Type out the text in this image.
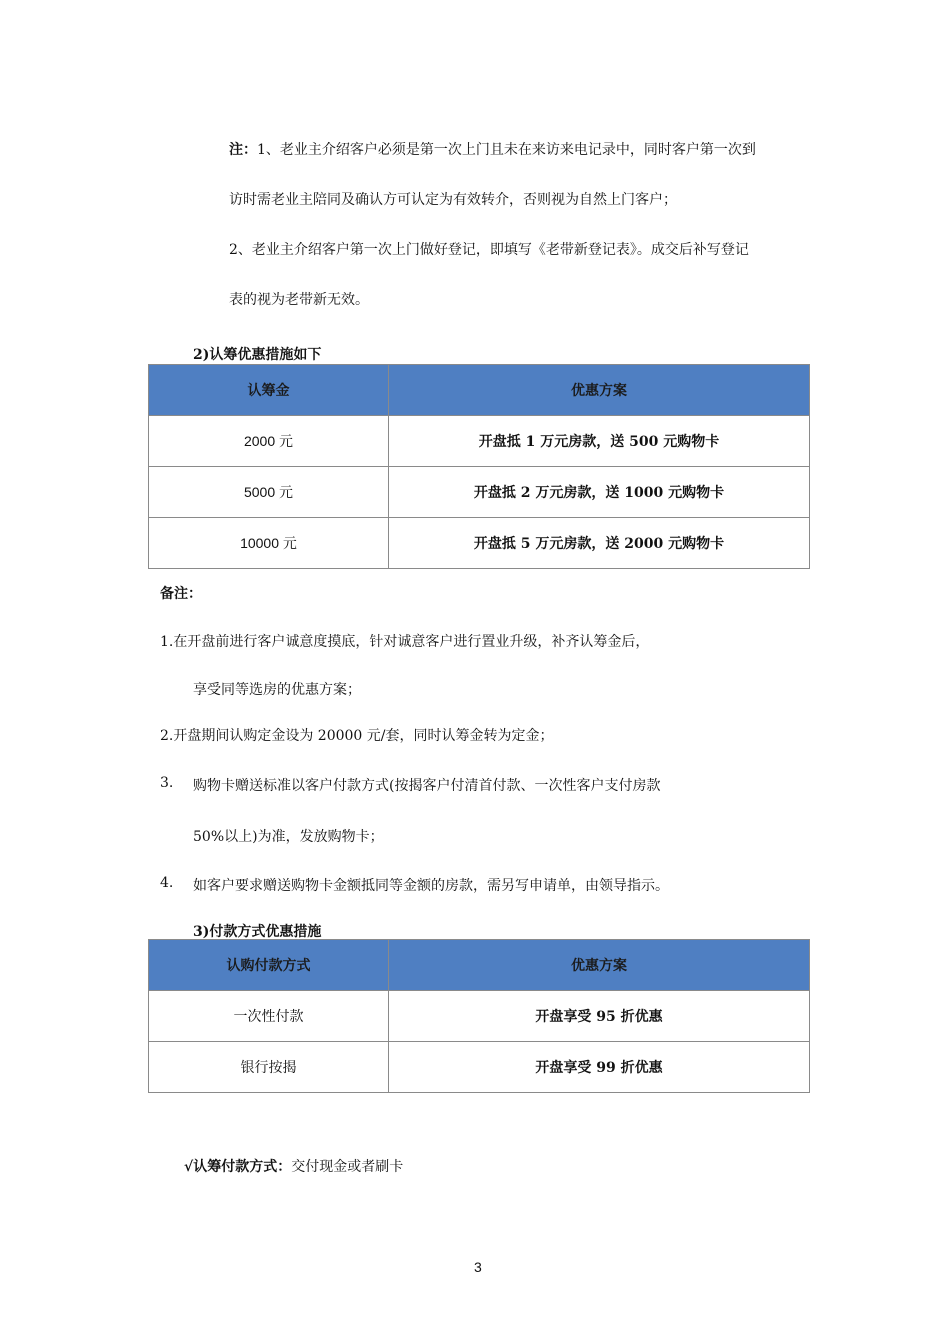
注：1、老业主介绍客户必须是第一次上门且未在来访来电记录中，同时客户第一次到
访时需老业主陪同及确认方可认定为有效转介，否则视为自然上门客户；
2、老业主介绍客户第一次上门做好登记，即填写《老带新登记表》。成交后补写登记
表的视为老带新无效。
2)认筹优惠措施如下
认筹金	优惠方案
2000 元	开盘抵 1 万元房款，送 500 元购物卡
5000 元	开盘抵 2 万元房款，送 1000 元购物卡
10000 元	开盘抵 5 万元房款，送 2000 元购物卡
备注：
1.在开盘前进行客户诚意度摸底，针对诚意客户进行置业升级，补齐认筹金后，
享受同等选房的优惠方案；
2.开盘期间认购定金设为 20000 元/套，同时认筹金转为定金；
3. 购物卡赠送标准以客户付款方式(按揭客户付清首付款、一次性客户支付房款
50%以上)为准，发放购物卡；
4. 如客户要求赠送购物卡金额抵同等金额的房款，需另写申请单，由领导指示。
3)付款方式优惠措施
认购付款方式	优惠方案
一次性付款	开盘享受 95 折优惠
银行按揭	开盘享受 99 折优惠
√认筹付款方式：交付现金或者刷卡
3
